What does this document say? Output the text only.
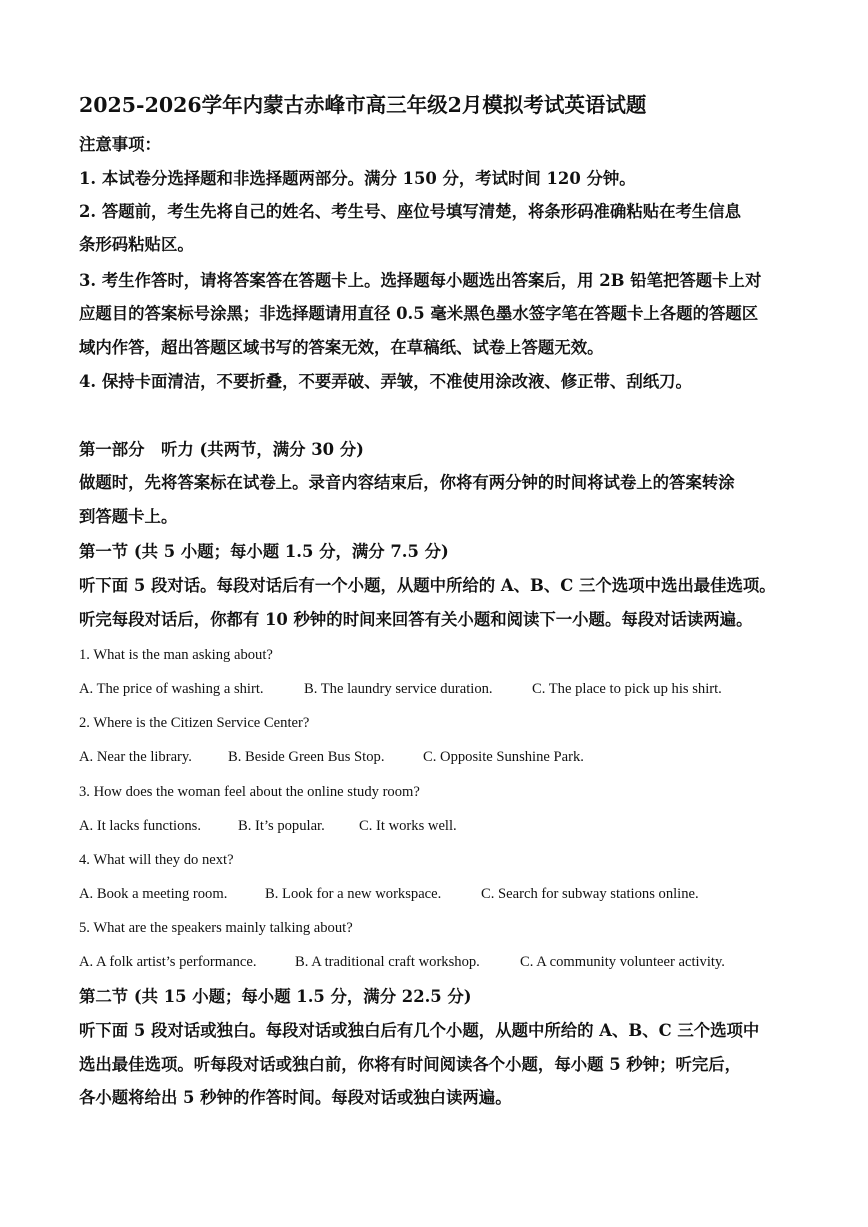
2025-2026学年内蒙古赤峰市高三年级2月模拟考试英语试题
注意事项：
1. 本试卷分选择题和非选择题两部分。满分 150 分，考试时间 120 分钟。
2. 答题前，考生先将自己的姓名、考生号、座位号填写清楚，将条形码准确粘贴在考生信息
条形码粘贴区。
3. 考生作答时，请将答案答在答题卡上。选择题每小题选出答案后，用 2B 铅笔把答题卡上对
应题目的答案标号涂黑；非选择题请用直径 0.5 毫米黑色墨水签字笔在答题卡上各题的答题区
域内作答，超出答题区域书写的答案无效，在草稿纸、试卷上答题无效。
4. 保持卡面清洁，不要折叠，不要弄破、弄皱，不准使用涂改液、修正带、刮纸刀。
第一部分　听力 (共两节，满分 30 分)
做题时，先将答案标在试卷上。录音内容结束后，你将有两分钟的时间将试卷上的答案转涂
到答题卡上。
第一节 (共 5 小题；每小题 1.5 分，满分 7.5 分)
听下面 5 段对话。每段对话后有一个小题，从题中所给的 A、B、C 三个选项中选出最佳选项。
听完每段对话后，你都有 10 秒钟的时间来回答有关小题和阅读下一小题。每段对话读两遍。
1. What is the man asking about?
A. The price of washing a shirt.	B. The laundry service duration.	C. The place to pick up his shirt.
2. Where is the Citizen Service Center?
A. Near the library. B. Beside Green Bus Stop.	C. Opposite Sunshine Park.
3. How does the woman feel about the online study room?
A. It lacks functions.	B. It’s popular. C. It works well.
4. What will they do next?
A. Book a meeting room.	B. Look for a new workspace.	C. Search for subway stations online.
5. What are the speakers mainly talking about?
A. A folk artist’s performance.	B. A traditional craft workshop.	C. A community volunteer activity.
第二节 (共 15 小题；每小题 1.5 分，满分 22.5 分)
听下面 5 段对话或独白。每段对话或独白后有几个小题，从题中所给的 A、B、C 三个选项中
选出最佳选项。听每段对话或独白前，你将有时间阅读各个小题，每小题 5 秒钟；听完后，
各小题将给出 5 秒钟的作答时间。每段对话或独白读两遍。
